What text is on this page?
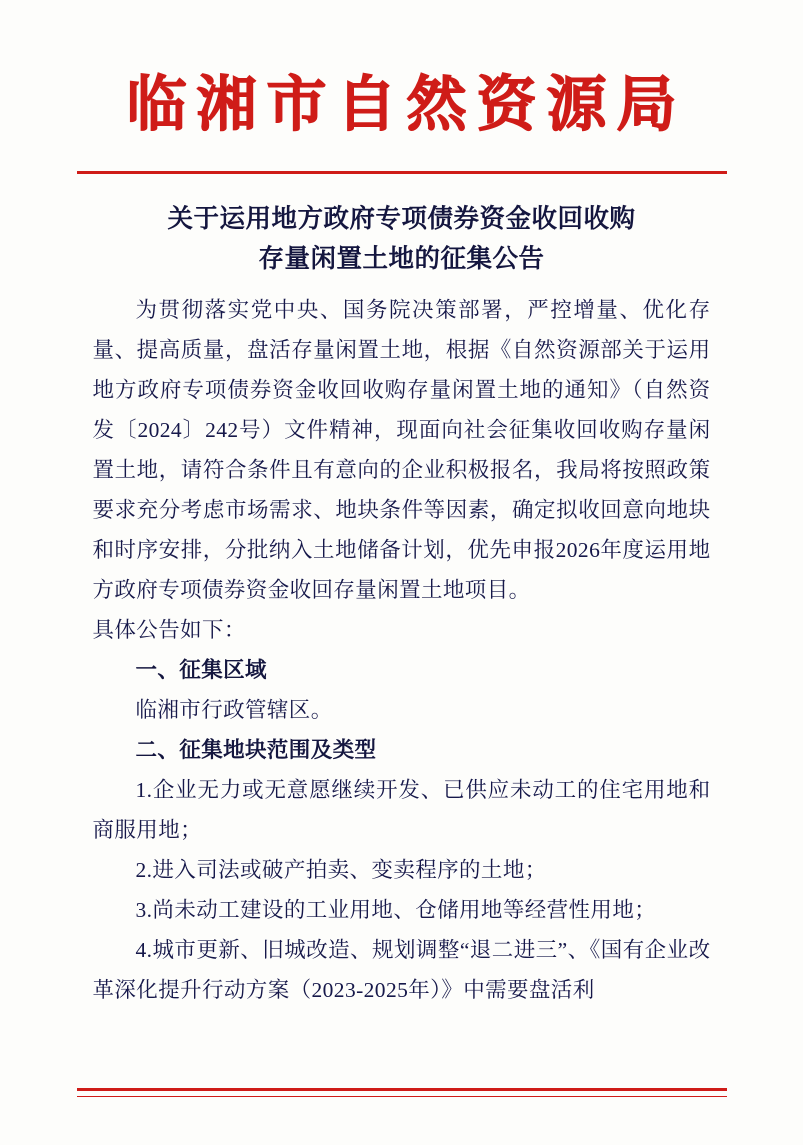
临湘市自然资源局
关于运用地方政府专项债券资金收回收购
存量闲置土地的征集公告

为贯彻落实党中央、国务院决策部署，严控增量、优化存量、提高质量，盘活存量闲置土地，根据《自然资源部关于运用地方政府专项债券资金收回收购存量闲置土地的通知》（自然资发〔2024〕242号）文件精神，现面向社会征集收回收购存量闲置土地，请符合条件且有意向的企业积极报名，我局将按照政策要求充分考虑市场需求、地块条件等因素，确定拟收回意向地块和时序安排，分批纳入土地储备计划，优先申报2026年度运用地方政府专项债券资金收回存量闲置土地项目。

具体公告如下：

一、征集区域

临湘市行政管辖区。

二、征集地块范围及类型

1.企业无力或无意愿继续开发、已供应未动工的住宅用地和商服用地；

2.进入司法或破产拍卖、变卖程序的土地；

3.尚未动工建设的工业用地、仓储用地等经营性用地；

4.城市更新、旧城改造、规划调整“退二进三”、《国有企业改革深化提升行动方案（2023-2025年）》中需要盘活利
